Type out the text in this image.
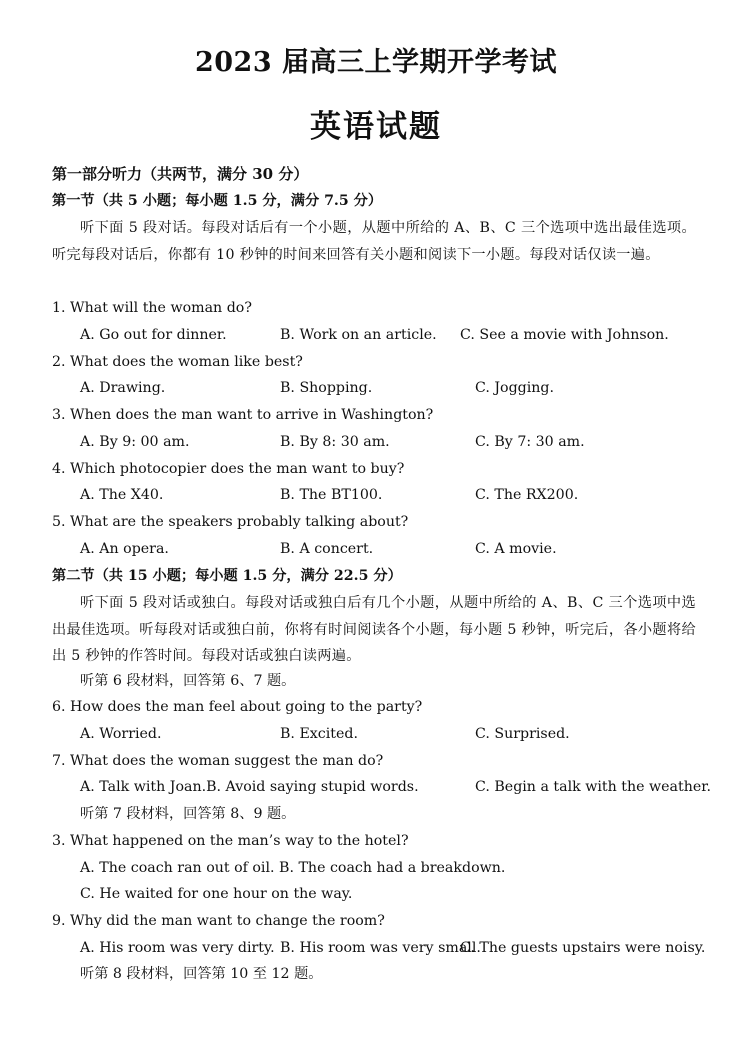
2023 届高三上学期开学考试
英语试题
第一部分听力（共两节，满分 30 分）
第一节（共 5 小题；每小题 1.5 分，满分 7.5 分）

听下面 5 段对话。每段对话后有一个小题，从题中所给的 A、B、C 三个选项中选出最佳选项。听完每段对话后，你都有 10 秒钟的时间来回答有关小题和阅读下一小题。每段对话仅读一遍。

1. What will the woman do?
A. Go out for dinner.	B. Work on an article. C. See a movie with Johnson.
2. What does the woman like best?
A. Drawing.	B. Shopping.	C. Jogging.
3. When does the man want to arrive in Washington?
A. By 9: 00 am.	B. By 8: 30 am.	C. By 7: 30 am.
4. Which photocopier does the man want to buy?
A. The X40.	B. The BT100.	C. The RX200.
5. What are the speakers probably talking about?
A. An opera.	B. A concert.	C. A movie.
第二节（共 15 小题；每小题 1.5 分，满分 22.5 分）

听下面 5 段对话或独白。每段对话或独白后有几个小题，从题中所给的 A、B、C 三个选项中选出最佳选项。听每段对话或独白前，你将有时间阅读各个小题，每小题 5 秒钟，听完后，各小题将给出 5 秒钟的作答时间。每段对话或独白读两遍。

听第 6 段材料，回答第 6、7 题。
6. How does the man feel about going to the party?
A. Worried.	B. Excited.	C. Surprised.
7. What does the woman suggest the man do?
A. Talk with Joan.B. Avoid saying stupid words.	C. Begin a talk with the weather.
听第 7 段材料，回答第 8、9 题。
3. What happened on the man’s way to the hotel?
A. The coach ran out of oil. B. The coach had a breakdown.
C. He waited for one hour on the way.
9. Why did the man want to change the room?
A. His room was very dirty. B. His room was very small.
C. The guests upstairs were noisy.
听第 8 段材料，回答第 10 至 12 题。
